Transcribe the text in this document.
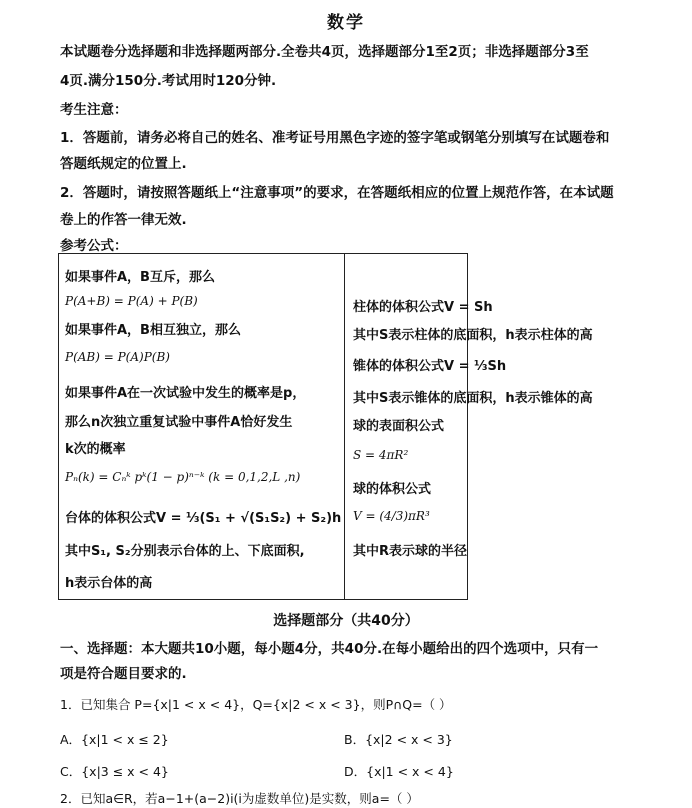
数学
本试题卷分选择题和非选择题两部分.全卷共4页，选择题部分1至2页；非选择题部分3至
4页.满分150分.考试用时120分钟.
考生注意：
1．答题前，请务必将自己的姓名、准考证号用黑色字迹的签字笔或钢笔分别填写在试题卷和
答题纸规定的位置上.
2．答题时，请按照答题纸上“注意事项”的要求，在答题纸相应的位置上规范作答，在本试题
卷上的作答一律无效.
参考公式：
如果事件A，B互斥，那么
P(A+B) = P(A) + P(B)
如果事件A，B相互独立，那么
P(AB) = P(A)P(B)
如果事件A在一次试验中发生的概率是p，
那么n次独立重复试验中事件A恰好发生
k次的概率
Pₙ(k) = Cₙᵏ pᵏ(1 − p)ⁿ⁻ᵏ (k = 0,1,2,L ,n)
台体的体积公式V = ⅓(S₁ + √(S₁S₂) + S₂)h
其中S₁, S₂分别表示台体的上、下底面积,
h表示台体的高
柱体的体积公式V = Sh
其中S表示柱体的底面积，h表示柱体的高
锥体的体积公式V = ⅓Sh
其中S表示锥体的底面积，h表示锥体的高
球的表面积公式
S = 4πR²
球的体积公式
V = (4/3)πR³
其中R表示球的半径
选择题部分（共40分）
一、选择题：本大题共10小题，每小题4分，共40分.在每小题给出的四个选项中，只有一
项是符合题目要求的.
1．已知集合 P={x|1 < x < 4}，Q={x|2 < x < 3}，则P∩Q=（ ）
A．{x|1 < x ≤ 2}	B．{x|2 < x < 3}
C．{x|3 ≤ x < 4}	D．{x|1 < x < 4}
2．已知a∈R，若a−1+(a−2)i(i为虚数单位)是实数，则a=（ ）
